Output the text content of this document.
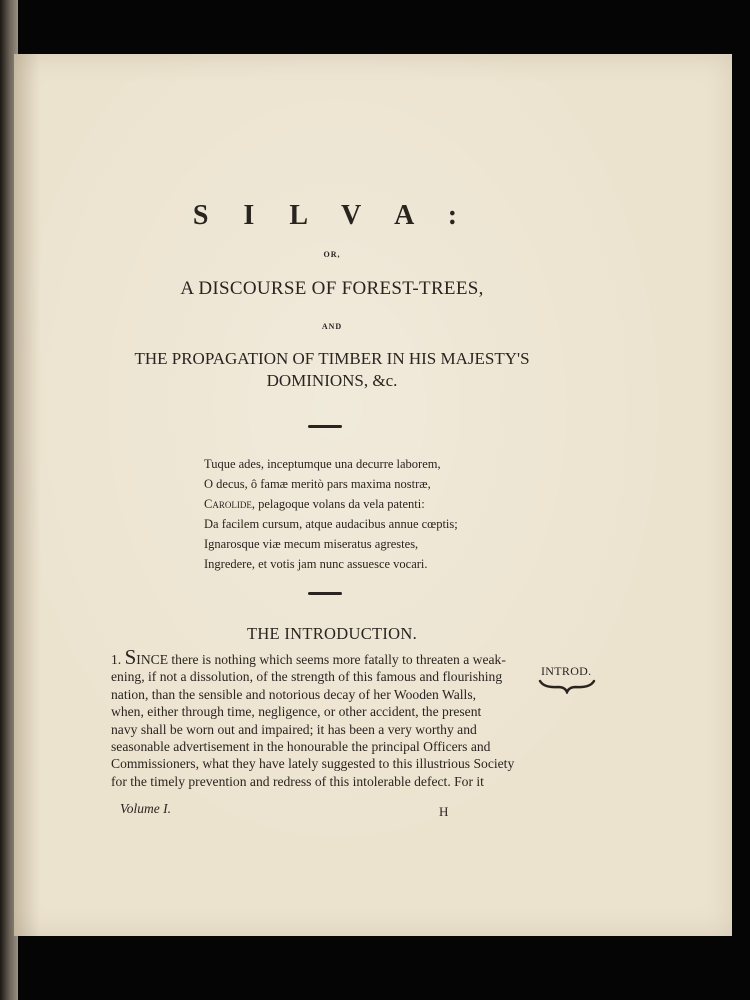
S I L V A :
OR,
A DISCOURSE OF FOREST-TREES,
AND
THE PROPAGATION OF TIMBER IN HIS MAJESTY'S DOMINIONS, &c.
Tuque ades, inceptumque una decurre laborem,
O decus, ô famæ meritò pars maxima nostræ,
Carolide, pelagoque volans da vela patenti:
Da facilem cursum, atque audacibus annue cœptis;
Ignarosque viæ mecum miseratus agrestes,
Ingredere, et votis jam nunc assuesce vocari.
THE INTRODUCTION.
1. SINCE there is nothing which seems more fatally to threaten a weak-
ening, if not a dissolution, of the strength of this famous and flourishing
nation, than the sensible and notorious decay of her Wooden Walls,
when, either through time, negligence, or other accident, the present
navy shall be worn out and impaired; it has been a very worthy and
seasonable advertisement in the honourable the principal Officers and
Commissioners, what they have lately suggested to this illustrious Society
for the timely prevention and redress of this intolerable defect. For it
INTROD.
Volume I.	H
